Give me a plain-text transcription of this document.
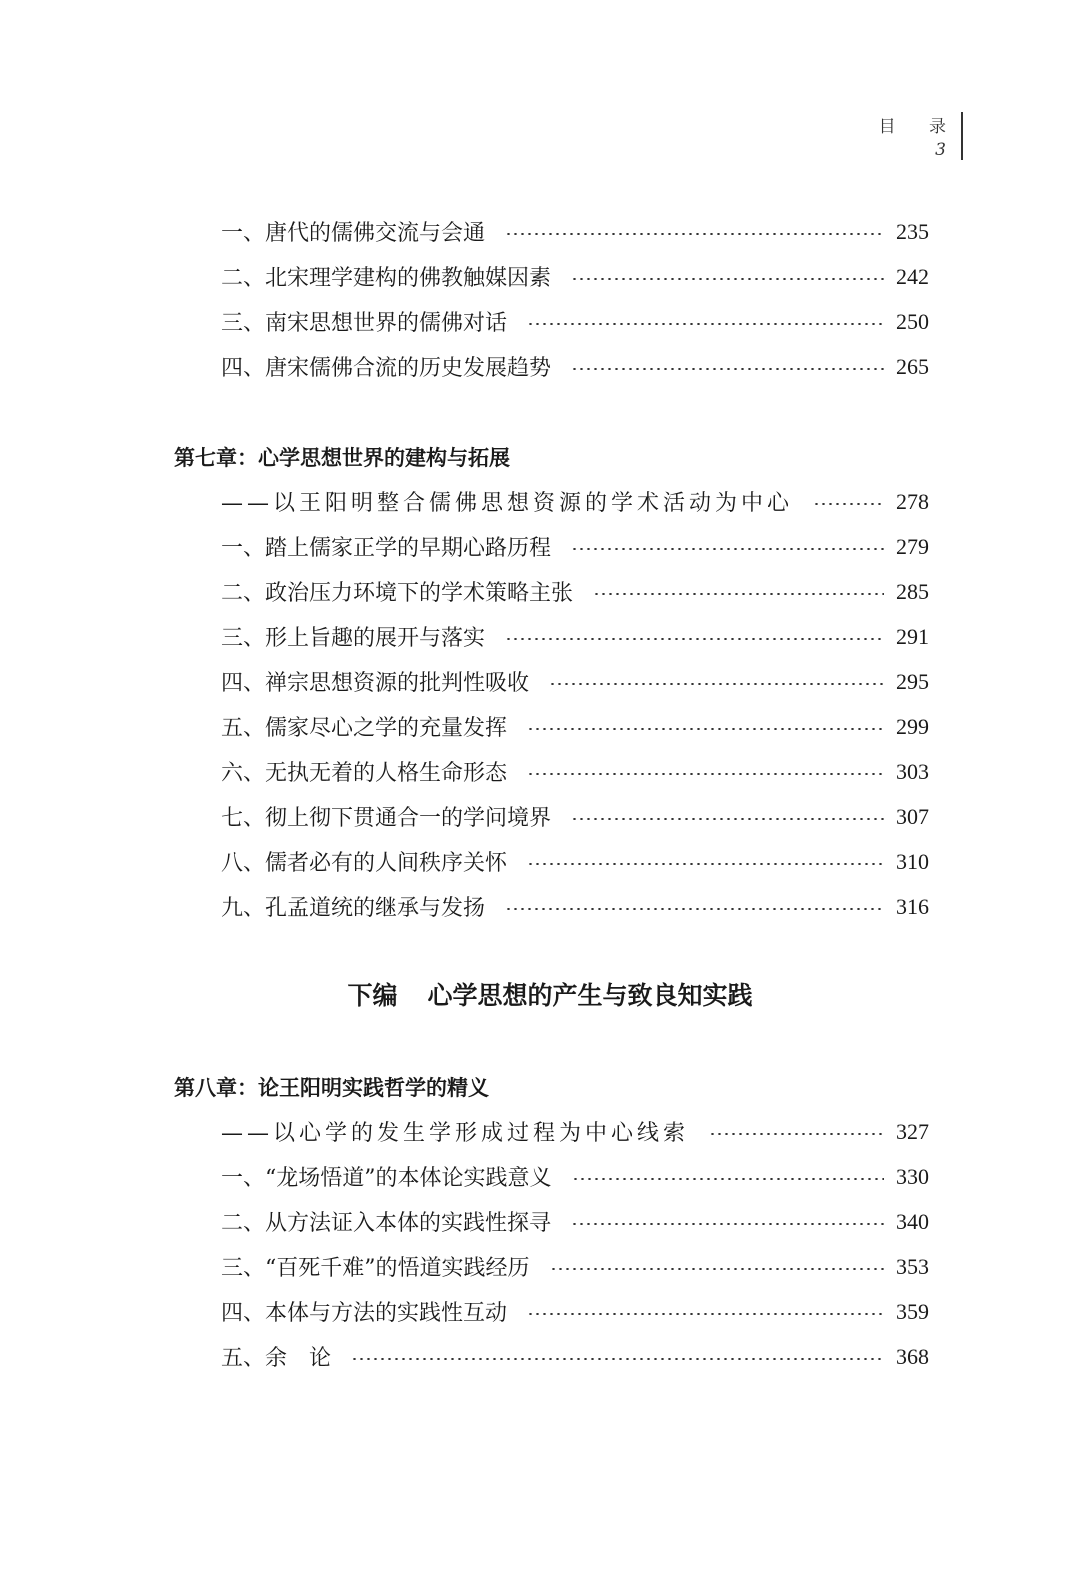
目 录
3
一、唐代的儒佛交流与会通	235
二、北宋理学建构的佛教触媒因素	242
三、南宋思想世界的儒佛对话	250
四、唐宋儒佛合流的历史发展趋势	265
第七章：心学思想世界的建构与拓展
——以王阳明整合儒佛思想资源的学术活动为中心	278
一、踏上儒家正学的早期心路历程	279
二、政治压力环境下的学术策略主张	285
三、形上旨趣的展开与落实	291
四、禅宗思想资源的批判性吸收	295
五、儒家尽心之学的充量发挥	299
六、无执无着的人格生命形态	303
七、彻上彻下贯通合一的学问境界	307
八、儒者必有的人间秩序关怀	310
九、孔孟道统的继承与发扬	316
下编 心学思想的产生与致良知实践
第八章：论王阳明实践哲学的精义
——以心学的发生学形成过程为中心线索	327
一、“龙场悟道”的本体论实践意义	330
二、从方法证入本体的实践性探寻	340
三、“百死千难”的悟道实践经历	353
四、本体与方法的实践性互动	359
五、余　论	368
